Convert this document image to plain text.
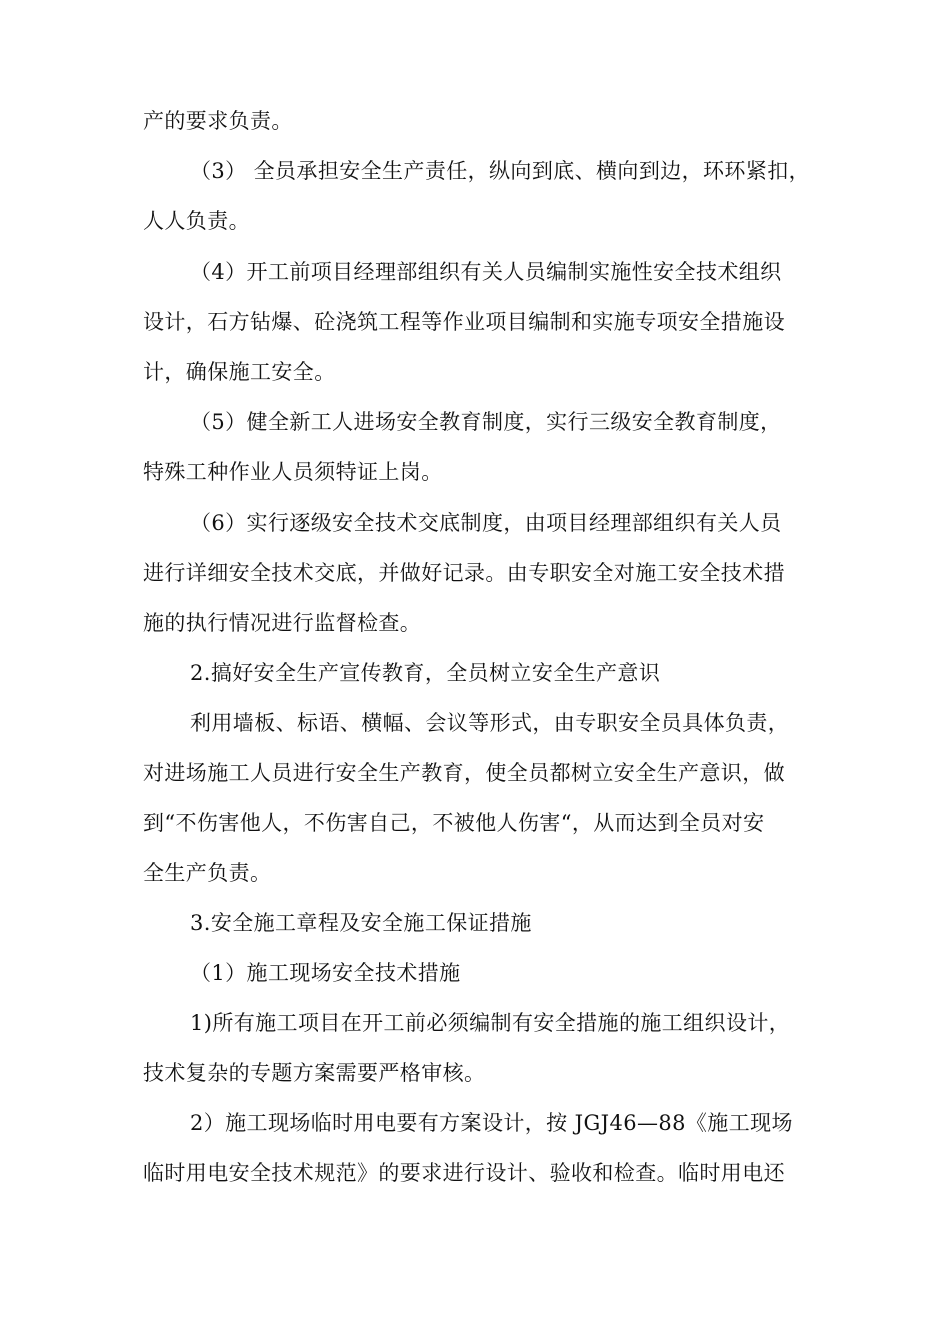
产的要求负责。
（3） 全员承担安全生产责任，纵向到底、横向到边，环环紧扣，
人人负责。
（4）开工前项目经理部组织有关人员编制实施性安全技术组织
设计，石方钻爆、砼浇筑工程等作业项目编制和实施专项安全措施设
计，确保施工安全。
（5）健全新工人进场安全教育制度，实行三级安全教育制度，
特殊工种作业人员须特证上岗。
（6）实行逐级安全技术交底制度，由项目经理部组织有关人员
进行详细安全技术交底，并做好记录。由专职安全对施工安全技术措
施的执行情况进行监督检查。
2.搞好安全生产宣传教育，全员树立安全生产意识
利用墙板、标语、横幅、会议等形式，由专职安全员具体负责，
对进场施工人员进行安全生产教育，使全员都树立安全生产意识，做
到“不伤害他人，不伤害自己，不被他人伤害“，从而达到全员对安
全生产负责。
3.安全施工章程及安全施工保证措施
（1）施工现场安全技术措施
1)所有施工项目在开工前必须编制有安全措施的施工组织设计，
技术复杂的专题方案需要严格审核。
2）施工现场临时用电要有方案设计，按 JGJ46—88《施工现场
临时用电安全技术规范》的要求进行设计、验收和检查。临时用电还
